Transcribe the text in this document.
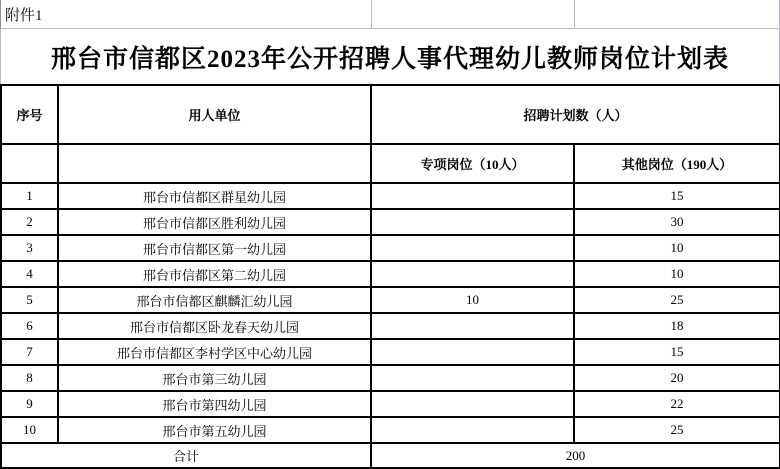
附件1
邢台市信都区2023年公开招聘人事代理幼儿教师岗位计划表
序号	用人单位	招聘计划数（人）	
		专项岗位（10人）	其他岗位（190人）
1	邢台市信都区群星幼儿园		15
2	邢台市信都区胜利幼儿园		30
3	邢台市信都区第一幼儿园		10
4	邢台市信都区第二幼儿园		10
5	邢台市信都区麒麟汇幼儿园	10	25
6	邢台市信都区卧龙春天幼儿园		18
7	邢台市信都区李村学区中心幼儿园		15
8	邢台市第三幼儿园		20
9	邢台市第四幼儿园		22
10	邢台市第五幼儿园		25
合计		200	
